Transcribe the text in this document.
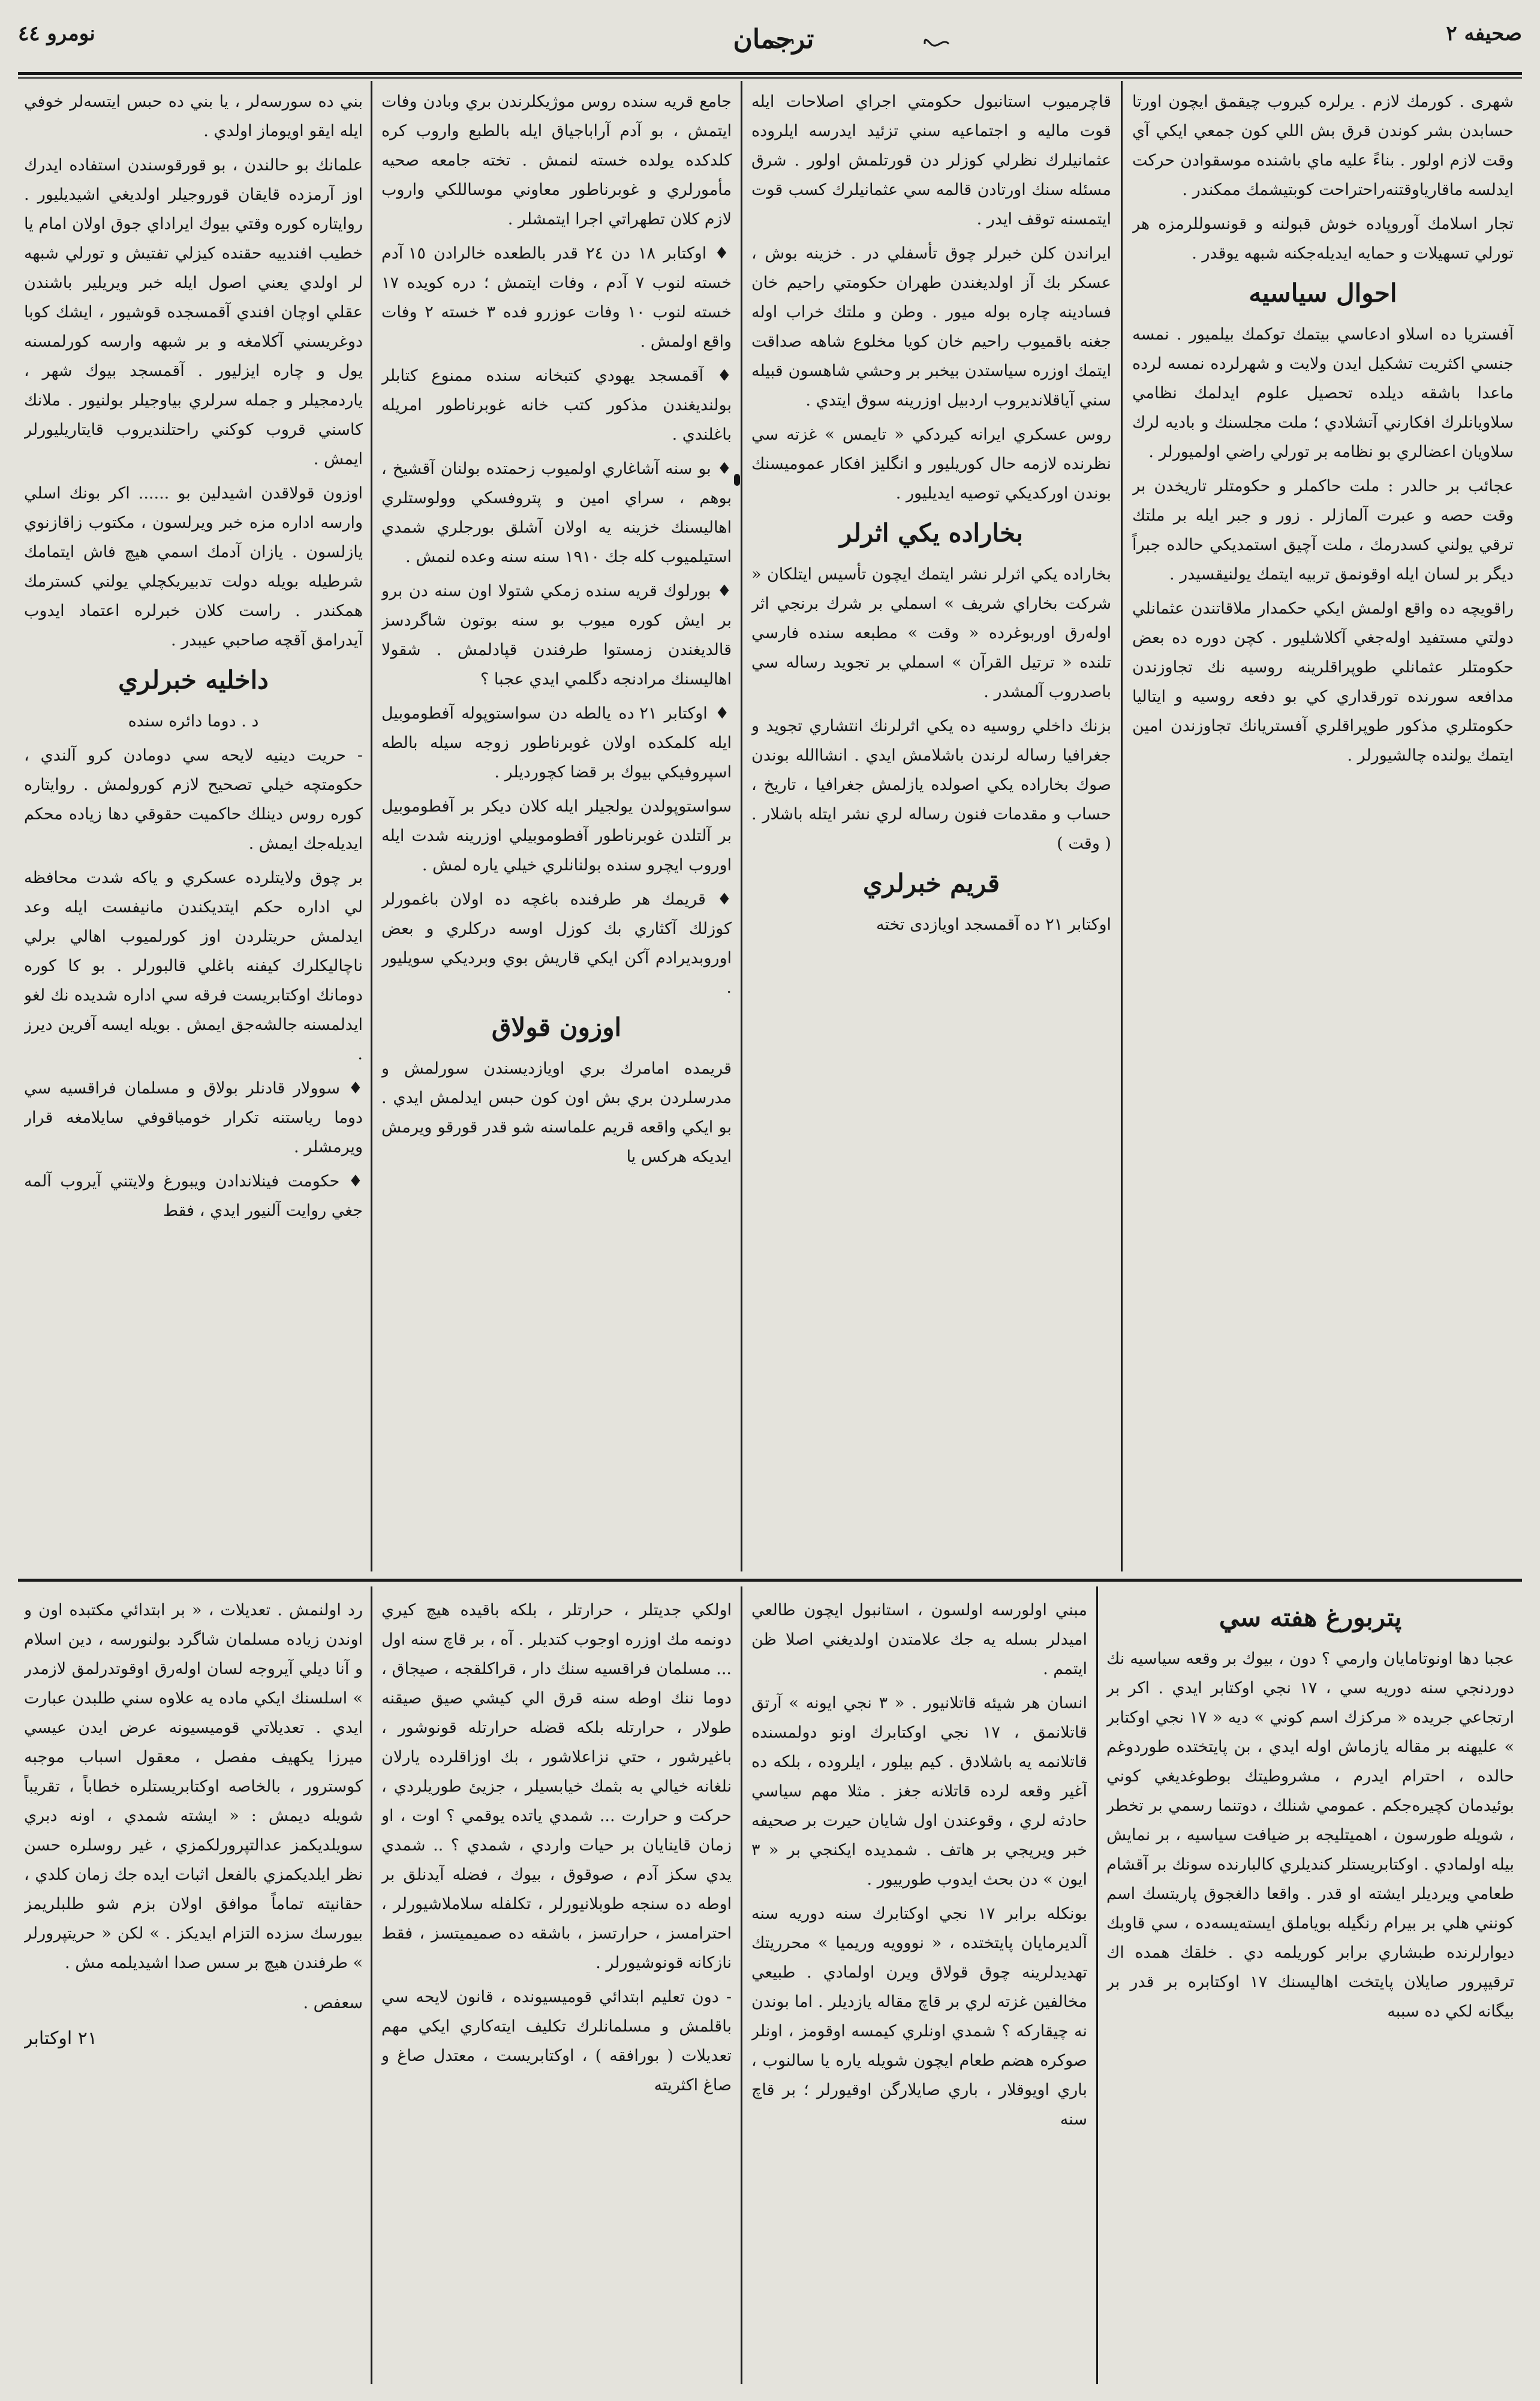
نومرو ٤٤	ترجمان	صحیفه ۲

شهری . كورمك لازم . يرلرە كيروب چيقمق ايچون اورتا حسابدن بشر كوندن قرق بش اللي كون جمعي ايكي آي وقت لازم اولور . بناءً عليه ماي باشنده موسقوادن حركت ايدلسە ماقارياوقتنەراحتراحت كوبتيشمك ممكندر .

تجار اسلامك آوروپاده خوش قبولنه و قونسوللرمزه هر تورلي تسهيلات و حمايه ايدیلەجكنه شبهه يوقدر .

احوال سياسيه

آفستريا ده اسلاو ادعاسي بيتمك توكمك بيلميور . نمسه جنسي اكثريت تشكيل ايدن ولايت و شهرلرده نمسه لرده ماعدا باشقه ديلده تحصيل علوم ايدلمك نظامي سلاويانلرك افكارني آتشلادي ؛ ملت مجلسنك و باديه لرك سلاويان اعضالري بو نظامه بر تورلي راضي اولميورلر .

عجائب بر حالدر : ملت حاكملر و حكومتلر تاريخدن بر وقت حصه و عبرت آلمازلر . زور و جبر ايله بر ملتك ترقي يولني كسدرمك ، ملت آچيق استمديكي حالده جبراً ديگر بر لسان ايله اوقونمق تربيه ايتمك يولنيقسيدر .

راقويچه ده واقع اولمش ايكي حكمدار ملاقاتندن عثمانلي دولتي مستفيد اولەجغي آكلاشليور . كچن دوره ده بعض حكومتلر عثمانلي طوپراقلرينه روسيه نك تجاوزندن مدافعه سورنده تورقداري كي بو دفعه روسيه و ايتاليا حكومتلري مذكور طوپراقلري آفستريانك تجاوزندن امين ايتمك يولنده چالشيورلر .

قاچرميوب استانبول حكومتي اجراي اصلاحات ايله قوت ماليه و اجتماعيه سني تزئيد ايدرسه ايلروده عثمانيلرك نظرلي كوزلر دن قورتلمش اولور . شرق مسئله سنك اورتادن قالمه سي عثمانيلرك كسب قوت ايتمسنه توقف ايدر .

ايراندن كلن خبرلر چوق تأسفلي در . خزينه بوش ، عسكر بك آز اولديغندن طهران حكومتي راحيم خان فسادينه چاره بوله ميور . وطن و ملتك خراب اوله جغنه باقميوب راحيم خان كويا مخلوع شاهه صداقت ايتمك اوزره سياستدن بيخبر بر وحشي شاهسون قبيله سني آياقلانديروب اردبيل اوزرينه سوق ايتدي .

روس عسكري ايرانه كيردكي « تايمس » غزته سي نظرنده لازمه حال كوريليور و انگليز افكار عموميسنك بوندن اوركديكي توصيه ايديليور .

بخاراده يكي اثرلر

بخاراده يكي اثرلر نشر ايتمك ايچون تأسيس ايتلكان « شركت بخاراي شريف » اسملي بر شرك برنجي اثر اولەرق اوربوغرده « وقت » مطبعه سنده فارسي تلنده « ترتيل القرآن » اسملي بر تجويد رساله سي باصدروب آلمشدر .

بزنك داخلي روسيه ده يكي اثرلرنك انتشاري تجويد و جغرافيا رساله لرندن باشلامش ايدي . انشاالله بوندن صوك بخاراده يكي اصولده يازلمش جغرافيا ، تاريخ ، حساب و مقدمات فنون رساله لري نشر ايتله باشلار . ( وقت )

قريم خبرلري

اوكتابر ٢١ ده آقمسجد اويازدی تختە

جامع قريه سنده روس موژيكلرندن بري وبادن وفات ايتمش ، بو آدم آراباجياق ايله بالطبع واروب كره كلدكده يولده خسته لنمش . تخته جامعه صحيه مأمورلري و غوبرناطور معاوني موساللكي واروب لازم كلان تطهراتي اجرا ايتمشلر .

♦ اوكتابر ١٨ دن ٢٤ قدر بالطعده خالرادن ١٥ آدم خسته لنوب ٧ آدم ، وفات ايتمش ؛ دره كويده ١٧ خسته لنوب ١٠ وفات عوزرو فده ٣ خسته ٢ وفات واقع اولمش .

♦ آقمسجد يهودي كتبخانه سنده ممنوع كتابلر بولنديغندن مذكور كتب خانه غوبرناطور امريله باغلندي .

♦ بو سنه آشاغاري اولميوب زحمتده بولنان آقشيخ ، بوهم ، سراي امين و پتروفسكي وولوستلري اهاليسنك خزينه يه اولان آشلق بورجلري شمدي استيلميوب كله جك ١٩١٠ سنه سنه وعده لنمش .

♦ بورلوك قريه سنده زمكي شتولا اون سنه دن برو بر ايش كوره ميوب بو سنه بوتون شاگردسز قالديغندن زمستوا طرفندن قپادلمش . شقولا اهاليسنك مرادنجه دگلمي ايدي عجبا ؟

♦ اوكتابر ٢١ ده يالطه دن سواستوپوله آفطوموبيل ايله كلمكده اولان غوبرناطور زوجه سيله بالطه اسپروفيكي بيوك بر قضا كچورديلر .

سواستوپولدن يولجيلر ايله كلان ديكر بر آفطوموبيل بر آلتلدن غوبرناطور آفطوموبيلي اوزرينه شدت ايله اوروب ايچرو سنده بولنانلري خيلي ياره لمش .

♦ قريمك هر طرفنده باغچه ده اولان باغمورلر كوزلك آكثاري بك كوزل اوسه دركلري و بعض اوروبديرادم آكن ايكي قاريش بوي وبرديكي سويليور .

اوزون قولاق

قريمده امامرك بري اويازديسندن سورلمش و مدرسلردن بري بش اون كون حبس ايدلمش ايدي . بو ايكي واقعه قريم علماسنه شو قدر قورقو ويرمش ايديكه هركس يا

بني ده سورسەلر ، يا بني ده حبس ايتسەلر خوفي ايله ايقو اويوماز اولدي .

علمانك بو حالندن ، بو قورقوسندن استفاده ايدرك اوز آرمزده قايقان قوروجيلر اولديغي اشيديليور . روايتاره كوره وقتي بيوك ايراداي جوق اولان امام يا خطيب افندييه حقنده كيزلي تفتيش و تورلي شبهه لر اولدي يعني اصول ايله خبر ويريلير باشندن عقلي اوچان افندي آقمسجده قوشيور ، ايشك كوبا دوغريسني آكلامغه و بر شبهه وارسه كورلمسنه يول و چاره ايزليور . آقمسجد بيوك شهر ، ياردمجيلر و جمله سرلري بياوجيلر بولنيور . ملانك كاسني قروب كوكني راحتلنديروب قايتاريليورلر ايمش .

اوزون قولاقدن اشيدلين بو ...... اكر بونك اسلي وارسه اداره مزه خبر ويرلسون ، مكتوب زاقازنوي يازلسون . يازان آدمك اسمي هيچ فاش ايتمامك شرطيله بويله دولت تدبيريكچلي يولني كسترمك همكندر . راست كلان خبرلره اعتماد ايدوب آيدرامق آقچه صاحبي عيبدر .

داخليه خبرلري
د . دوما دائره سنده

- حريت دينيه لايحه سي دومادن كرو آلندي ، حكومتچه خيلي تصحيح لازم كورولمش . روايتاره كوره روس دينلك حاكميت حقوقي دها زياده محكم ايدیلەجك ايمش .

بر چوق ولايتلرده عسكري و ياكه شدت محافظه لي اداره حكم ايتديكندن مانيفست ايله وعد ايدلمش حريتلردن اوز كورلميوب اهالي برلي ناچاليكلرك كيفنه باغلي قالبورلر . بو كا كوره دومانك اوكتابريست فرقه سي اداره شديده نك لغو ايدلمسنه جالشەجق ايمش . بويله ايسه آفرين ديرز .

♦ سوولار قادنلر بولاق و مسلمان فراقسيه سي دوما رياستنه تكرار خومياقوفي سايلامغه قرار ويرمشلر .

♦ حكومت فينلاندادن ويبورغ ولايتني آيروب آلمه جغي روايت آلنيور ايدي ، فقط

پتربورغ هفته سي

عجبا دها اونوتامايان وارمي ؟ دون ، بيوك بر وقعه سياسيه نك دوردنجي سنه دوريه سي ، ١٧ نجي اوكتابر ايدي . اكر بر ارتجاعي جريده « مركزك اسم كوني » ديه « ١٧ نجي اوكتابر » عليهنه بر مقاله يازماش اوله ايدي ، بن پايتختده طوردوغم حالده ، احترام ايدرم ، مشروطيتك بوطوغديغي كوني بوئيدمان كچيرەجكم . عمومي شنلك ، دوتنما رسمي بر تخطر ، شويله طورسون ، اهميتليجه بر ضيافت سياسيه ، بر نمايش بيله اولمادي . اوكتابريستلر كنديلري كالبارنده سونك بر آقشام طعامي ويرديلر ايشته او قدر . واقعا دالغجوق پاريتسك اسم كونني هلي بر بيرام رنگيله بوياملق ايستەيسەده ، سي قاوبك ديوارلرنده طبشاري برابر كوريلمه دي . خلقك همده اك ترقيپرور صايلان پايتخت اهاليسنك ١٧ اوكتابره بر قدر بر بيگانه لكي ده سببه

مبني اولورسه اولسون ، استانبول ايچون طالعي اميدلر بسله يه جك علامتدن اولديغني اصلا ظن ايتمم .

انسان هر شيئه قاتلانيور . « ٣ نجي ايونه » آرتق قاتلانمق ، ١٧ نجي اوكتابرك اونو دولمسنده قاتلانمه يه باشلادق . كيم بيلور ، ايلروده ، بلكه ده آغير وقعه لرده قاتلانه جغز . مثلا مهم سياسي حادثه لري ، وقوعندن اول شايان حيرت بر صحيفه خبر ويريجي بر هاتف . شمديده ايكنجي بر « ٣ ايون » دن بحث ايدوب طورييور .

بونكله برابر ١٧ نجي اوكتابرك سنه دوريه سنه آلديرمايان پايتختده ، « نووويه وريميا » محرريتك تهديدلرينه چوق قولاق ويرن اولمادي . طبيعي مخالفين غزته لري بر قاچ مقاله يازديلر . اما بوندن نه چيقاركه ؟ شمدي اونلري كيمسه اوقومز ، اونلر صوكره هضم طعام ايچون شويله ياره يا سالنوب ، باري اويوقلار ، باري صايلارگن اوقيورلر ؛ بر قاچ سنه

اولكي جديتلر ، حرارتلر ، بلكه باقيده هيچ كيري دونمه مك اوزره اوجوب كتديلر . آه ، بر قاچ سنه اول ... مسلمان فراقسيه سنك دار ، قراكلقجه ، صيجاق ، دوما ننك اوطه سنه قرق الي كيشي صيق صيقنه طولار ، حرارتله بلكه قضله حرارتله قونوشور ، باغيرشور ، حتي نزاعلاشور ، بك اوزاقلرده يارلان نلغانه خيالي به بثمك خيابسيلر ، جزيئ طوريلردي ، حركت و حرارت ... شمدي ياتده يوقمي ؟ اوت ، او زمان قاينايان بر حيات واردي ، شمدي ؟ .. شمدي يدي سكز آدم ، صوقوق ، بيوك ، فضله آيدنلق بر اوطه ده سنجه طوبلانيورلر ، تكلفله سلاملاشيورلر ، احترامسز ، حرارتسز ، باشقه ده صميميتسز ، فقط نازكانه قونوشيورلر .

- دون تعليم ابتدائي قوميسيونده ، قانون لايحه سي باقلمش و مسلمانلرك تكليف ايتەكاري ايكي مهم تعديلات ( بورافقه ) ، اوكتابريست ، معتدل صاغ و صاغ اكثريته

رد اولنمش . تعديلات ، « بر ابتدائي مكتبده اون و اوندن زياده مسلمان شاگرد بولنورسه ، دين اسلام و آنا ديلي آيروجه لسان اولەرق اوقوتدرلمق لازمدر » اسلسنك ايكي ماده يه علاوه سني طلبدن عبارت ايدي . تعديلاتي قوميسيونه عرض ايدن عيسي ميرزا يكهيف مفصل ، معقول اسباب موجبه كوسترور ، بالخاصه اوكتابريستلره خطاباً ، تقريباً شويله ديمش : « ايشته شمدي ، اونه دبري سويلديكمز عدالتپرورلكمزي ، غير روسلره حسن نظر ايلديكمزي بالفعل اثبات ايده جك زمان كلدي ، حقانيته تماماً موافق اولان بزم شو طلبلريمز بيورسك سزده التزام ايديكز . » لكن « حريتپرورلر » طرفندن هيچ بر سس صدا اشيديلمه مش .

سعفص .
٢١ اوكتابر
